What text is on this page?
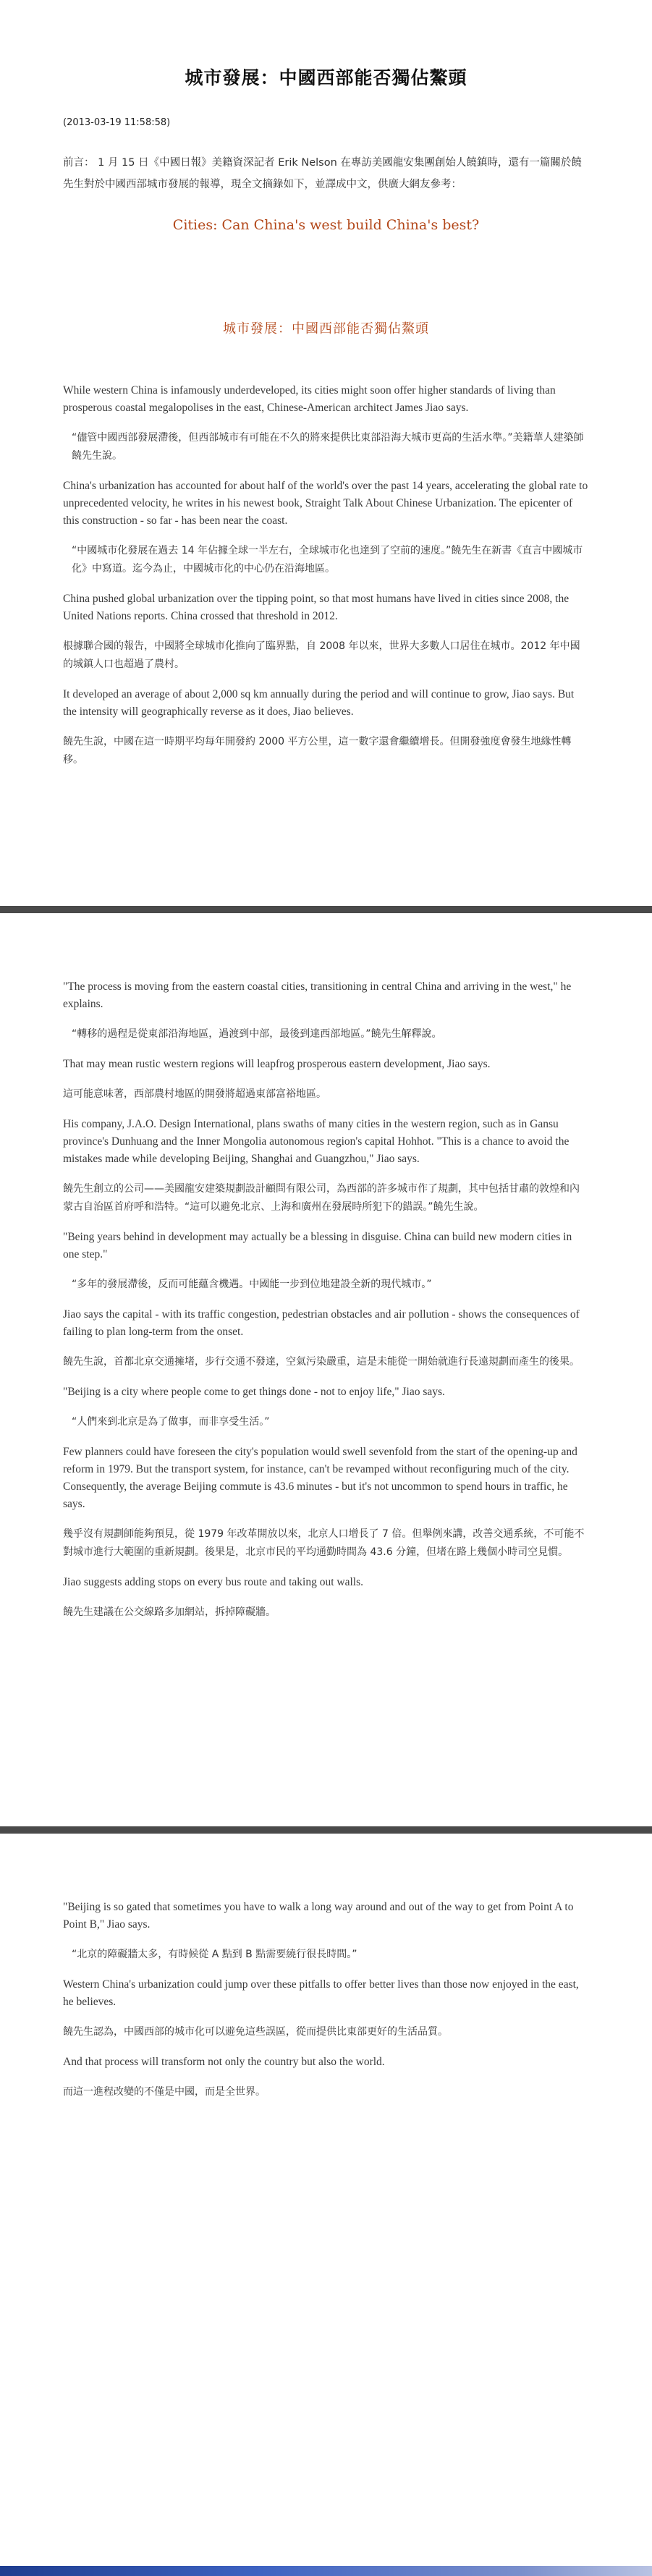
城市發展：中國西部能否獨佔鰲頭
(2013-03-19 11:58:58)
前言： 1 月 15 日《中國日報》美籍資深記者 Erik Nelson 在專訪美國龍安集團創始人饒鎮時，還有一篇關於饒先生對於中國西部城市發展的報導，現全文摘錄如下，並譯成中文，供廣大網友參考：
Cities: Can China's west build China's best?
城市發展：中國西部能否獨佔鰲頭

While western China is infamously underdeveloped, its cities might soon offer higher standards of living than prosperous coastal megalopolises in the east, Chinese-American architect James Jiao says.

“儘管中國西部發展滯後，但西部城市有可能在不久的將來提供比東部沿海大城市更高的生活水準。”美籍華人建築師饒先生說。

China's urbanization has accounted for about half of the world's over the past 14 years, accelerating the global rate to unprecedented velocity, he writes in his newest book, Straight Talk About Chinese Urbanization. The epicenter of this construction - so far - has been near the coast.

“中國城市化發展在過去 14 年佔據全球一半左右，全球城市化也達到了空前的速度。”饒先生在新書《直言中國城市化》中寫道。迄今為止，中國城市化的中心仍在沿海地區。

China pushed global urbanization over the tipping point, so that most humans have lived in cities since 2008, the United Nations reports. China crossed that threshold in 2012.

根據聯合國的報告，中國將全球城市化推向了臨界點，自 2008 年以來，世界大多數人口居住在城市。2012 年中國的城鎮人口也超過了農村。

It developed an average of about 2,000 sq km annually during the period and will continue to grow, Jiao says. But the intensity will geographically reverse as it does, Jiao believes.

饒先生說，中國在這一時期平均每年開發約 2000 平方公里，這一數字還會繼續增長。但開發強度會發生地緣性轉移。

"The process is moving from the eastern coastal cities, transitioning in central China and arriving in the west," he explains.

“轉移的過程是從東部沿海地區，過渡到中部，最後到達西部地區。”饒先生解釋說。

That may mean rustic western regions will leapfrog prosperous eastern development, Jiao says.

這可能意味著，西部農村地區的開發將超過東部富裕地區。

His company, J.A.O. Design International, plans swaths of many cities in the western region, such as in Gansu province's Dunhuang and the Inner Mongolia autonomous region's capital Hohhot. "This is a chance to avoid the mistakes made while developing Beijing, Shanghai and Guangzhou," Jiao says.

饒先生創立的公司——美國龍安建築規劃設計顧問有限公司，為西部的許多城市作了規劃，其中包括甘肅的敦煌和內蒙古自治區首府呼和浩特。“這可以避免北京、上海和廣州在發展時所犯下的錯誤。”饒先生說。

"Being years behind in development may actually be a blessing in disguise. China can build new modern cities in one step."

“多年的發展滯後，反而可能蘊含機遇。中國能一步到位地建設全新的現代城市。”

Jiao says the capital - with its traffic congestion, pedestrian obstacles and air pollution - shows the consequences of failing to plan long-term from the onset.

饒先生說，首都北京交通擁堵，步行交通不發達，空氣污染嚴重，這是未能從一開始就進行長遠規劃而產生的後果。

"Beijing is a city where people come to get things done - not to enjoy life," Jiao says.

“人們來到北京是為了做事，而非享受生活。”

Few planners could have foreseen the city's population would swell sevenfold from the start of the opening-up and reform in 1979. But the transport system, for instance, can't be revamped without reconfiguring much of the city. Consequently, the average Beijing commute is 43.6 minutes - but it's not uncommon to spend hours in traffic, he says.

幾乎沒有規劃師能夠預見，從 1979 年改革開放以來，北京人口增長了 7 倍。但舉例來講，改善交通系統，不可能不對城市進行大範圍的重新規劃。後果是，北京市民的平均通勤時間為 43.6 分鐘，但堵在路上幾個小時司空見慣。

Jiao suggests adding stops on every bus route and taking out walls.

饒先生建議在公交線路多加網站，拆掉障礙牆。

"Beijing is so gated that sometimes you have to walk a long way around and out of the way to get from Point A to Point B," Jiao says.

“北京的障礙牆太多，有時候從 A 點到 B 點需要繞行很長時間。”

Western China's urbanization could jump over these pitfalls to offer better lives than those now enjoyed in the east, he believes.

饒先生認為，中國西部的城市化可以避免這些誤區，從而提供比東部更好的生活品質。

And that process will transform not only the country but also the world.

而這一進程改變的不僅是中國，而是全世界。
